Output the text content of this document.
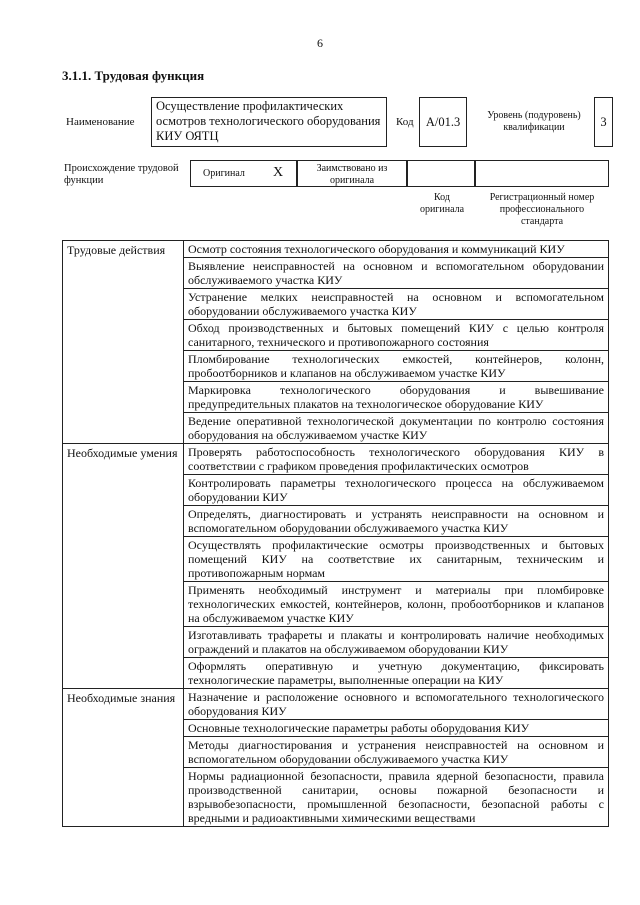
6
3.1.1. Трудовая функция
Наименование
Осуществление профилактических осмотров технологического оборудования КИУ ОЯТЦ
Код А/01.3	Уровень (подуровень) квалификации	3
Происхождение трудовой функции
Оригинал X	Заимствовано из оригинала
Код оригинала
Регистрационный номер профессионального стандарта
Трудовые действия	Осмотр состояния технологического оборудования и коммуникаций КИУ

	Выявление неисправностей на основном и вспомогательном оборудовании обслуживаемого участка КИУ

	Устранение мелких неисправностей на основном и вспомогательном оборудовании обслуживаемого участка КИУ

	Обход производственных и бытовых помещений КИУ с целью контроля санитарного, технического и противопожарного состояния

	Пломбирование технологических емкостей, контейнеров, колонн, пробоотборников и клапанов на обслуживаемом участке КИУ

	Маркировка технологического оборудования и вывешивание предупредительных плакатов на технологическое оборудование КИУ

	Ведение оперативной технологической документации по контролю состояния оборудования на обслуживаемом участке КИУ

Необходимые умения	Проверять работоспособность технологического оборудования КИУ в соответствии с графиком проведения профилактических осмотров

	Контролировать параметры технологического процесса на обслуживаемом оборудовании КИУ

	Определять, диагностировать и устранять неисправности на основном и вспомогательном оборудовании обслуживаемого участка КИУ

	Осуществлять профилактические осмотры производственных и бытовых помещений КИУ на соответствие их санитарным, техническим и противопожарным нормам

	Применять необходимый инструмент и материалы при пломбировке технологических емкостей, контейнеров, колонн, пробоотборников и клапанов на обслуживаемом участке КИУ

	Изготавливать трафареты и плакаты и контролировать наличие необходимых ограждений и плакатов на обслуживаемом оборудовании КИУ

	Оформлять оперативную и учетную документацию, фиксировать технологические параметры, выполненные операции на КИУ

Необходимые знания	Назначение и расположение основного и вспомогательного технологического оборудования КИУ

	Основные технологические параметры работы оборудования КИУ

	Методы диагностирования и устранения неисправностей на основном и вспомогательном оборудовании обслуживаемого участка КИУ

	Нормы радиационной безопасности, правила ядерной безопасности, правила производственной санитарии, основы пожарной безопасности и взрывобезопасности, промышленной безопасности, безопасной работы с вредными и радиоактивными химическими веществами
